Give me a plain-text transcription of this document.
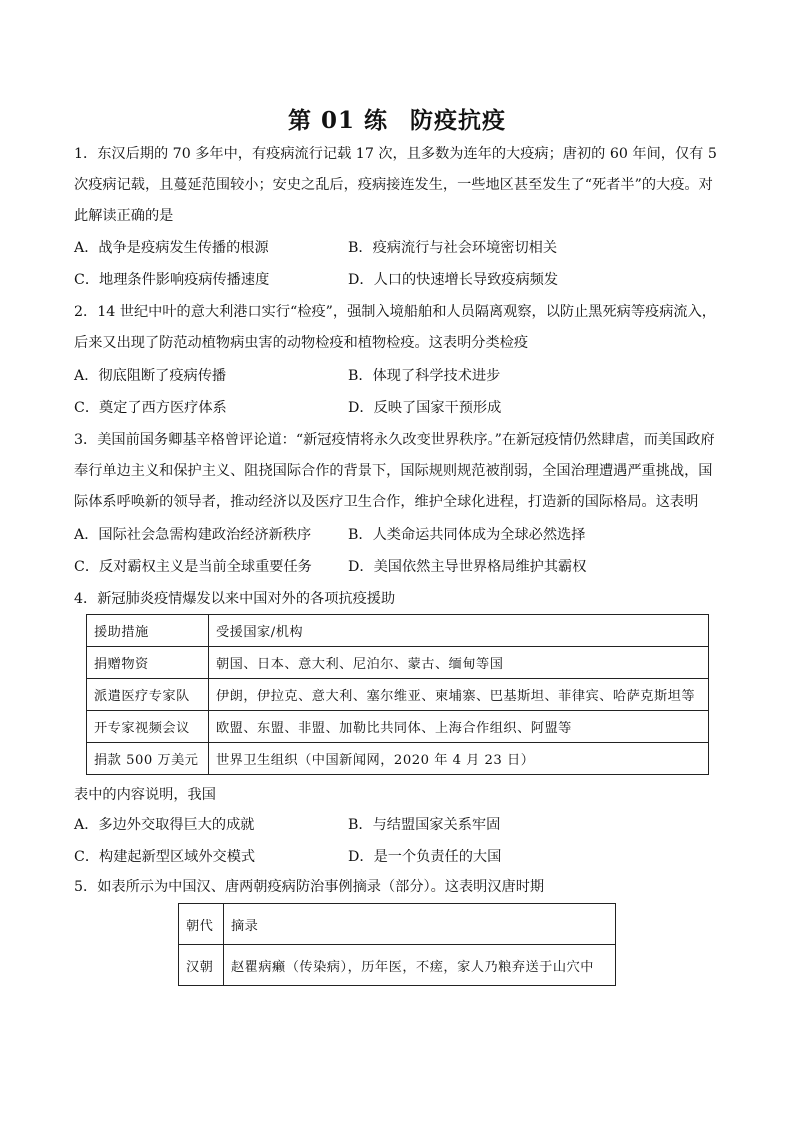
第 01 练 防疫抗疫

1．东汉后期的 70 多年中，有疫病流行记载 17 次，且多数为连年的大疫病；唐初的 60 年间，仅有 5 次疫病记载，且蔓延范围较小；安史之乱后，疫病接连发生，一些地区甚至发生了“死者半”的大疫。对此解读正确的是

A．战争是疫病发生传播的根源	B．疫病流行与社会环境密切相关
C．地理条件影响疫病传播速度	D．人口的快速增长导致疫病频发

2．14 世纪中叶的意大利港口实行“检疫”，强制入境船舶和人员隔离观察，以防止黑死病等疫病流入，后来又出现了防范动植物病虫害的动物检疫和植物检疫。这表明分类检疫

A．彻底阻断了疫病传播	B．体现了科学技术进步
C．奠定了西方医疗体系	D．反映了国家干预形成

3．美国前国务卿基辛格曾评论道：“新冠疫情将永久改变世界秩序。”在新冠疫情仍然肆虐，而美国政府奉行单边主义和保护主义、阻挠国际合作的背景下，国际规则规范被削弱，全国治理遭遇严重挑战，国际体系呼唤新的领导者，推动经济以及医疗卫生合作，维护全球化进程，打造新的国际格局。这表明

A．国际社会急需构建政治经济新秩序	B．人类命运共同体成为全球必然选择
C．反对霸权主义是当前全球重要任务	D．美国依然主导世界格局维护其霸权
4．新冠肺炎疫情爆发以来中国对外的各项抗疫援助
援助措施	受援国家/机构
捐赠物资	朝国、日本、意大利、尼泊尔、蒙古、缅甸等国
派遣医疗专家队	伊朗，伊拉克、意大利、塞尔维亚、柬埔寨、巴基斯坦、菲律宾、哈萨克斯坦等
开专家视频会议	欧盟、东盟、非盟、加勒比共同体、上海合作组织、阿盟等
捐款 500 万美元	世界卫生组织（中国新闻网，2020 年 4 月 23 日）
表中的内容说明，我国
A．多边外交取得巨大的成就	B．与结盟国家关系牢固
C．构建起新型区域外交模式	D．是一个负责任的大国
5．如表所示为中国汉、唐两朝疫病防治事例摘录（部分）。这表明汉唐时期
朝代	摘录
汉朝	赵瞿病癞（传染病），历年医，不瘥，家人乃粮弃送于山穴中
